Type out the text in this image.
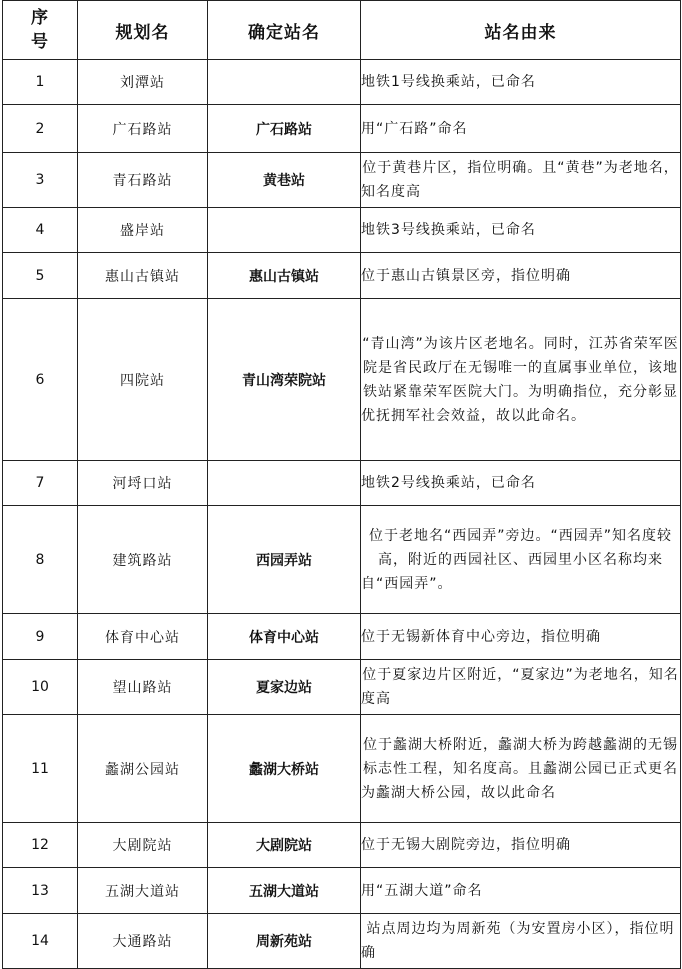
序
号	规划名	确定站名	站名由来
1	刘潭站		地铁1号线换乘站，已命名
2	广石路站	广石路站	用“广石路”命名
3	青石路站	黄巷站	位于黄巷片区，指位明确。且“黄巷”为老地名，知名度高
4	盛岸站		地铁3号线换乘站，已命名
5	惠山古镇站	惠山古镇站	位于惠山古镇景区旁，指位明确
6	四院站	青山湾荣院站	“青山湾”为该片区老地名。同时，江苏省荣军医院是省民政厅在无锡唯一的直属事业单位，该地铁站紧靠荣军医院大门。为明确指位，充分彰显优抚拥军社会效益，故以此命名。
7	河埒口站		地铁2号线换乘站，已命名
8	建筑路站	西园弄站	位于老地名“西园弄”旁边。“西园弄”知名度较高，附近的西园社区、西园里小区名称均来自“西园弄”。
9	体育中心站	体育中心站	位于无锡新体育中心旁边，指位明确
10	望山路站	夏家边站	位于夏家边片区附近，“夏家边”为老地名，知名度高
11	蠡湖公园站	蠡湖大桥站	位于蠡湖大桥附近，蠡湖大桥为跨越蠡湖的无锡标志性工程，知名度高。且蠡湖公园已正式更名为蠡湖大桥公园，故以此命名
12	大剧院站	大剧院站	位于无锡大剧院旁边，指位明确
13	五湖大道站	五湖大道站	用“五湖大道”命名
14	大通路站	周新苑站	站点周边均为周新苑（为安置房小区），指位明确
